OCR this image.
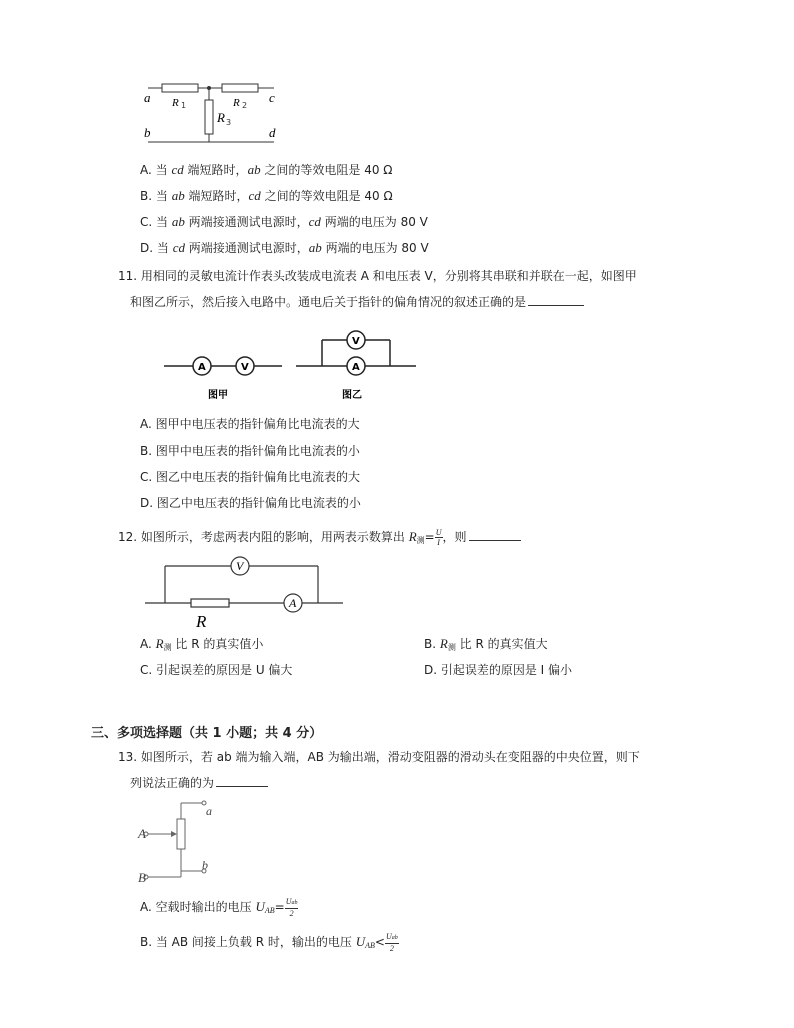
a
b
c
d
R 1	R 2
R 3
A. 当 cd 端短路时，ab 之间的等效电阻是 40 Ω
B. 当 ab 端短路时，cd 之间的等效电阻是 40 Ω
C. 当 ab 两端接通测试电源时，cd 两端的电压为 80 V
D. 当 cd 两端接通测试电源时，ab 两端的电压为 80 V
11. 用相同的灵敏电流计作表头改装成电流表 A 和电压表 V，分别将其串联和并联在一起，如图甲
和图乙所示，然后接入电路中。通电后关于指针的偏角情况的叙述正确的是
A	V
图甲
V
A
图乙
A. 图甲中电压表的指针偏角比电流表的大
B. 图甲中电压表的指针偏角比电流表的小
C. 图乙中电压表的指针偏角比电流表的大
D. 图乙中电压表的指针偏角比电流表的小
12. 如图所示，考虑两表内阻的影响，用两表示数算出 $R_测= \frac{U}{I}$ ，则
V
A
R
A. $R_测$ 比 R 的真实值小	B. $R_测$ 比 R 的真实值大
C. 引起误差的原因是 U 偏大	D. 引起误差的原因是 I 偏小
三、多项选择题（共 1 小题；共 4 分）
13. 如图所示，若 ab 端为输入端，AB 为输出端，滑动变阻器的滑动头在变阻器的中央位置，则下
列说法正确的为
a
b
A
B
A. 空载时输出的电压 $U_{AB}= \frac{\text{Uab}}{2}$
B. 当 AB 间接上负载 R 时，输出的电压 $U_{AB}< \frac{\text{Uab}}{2}$
